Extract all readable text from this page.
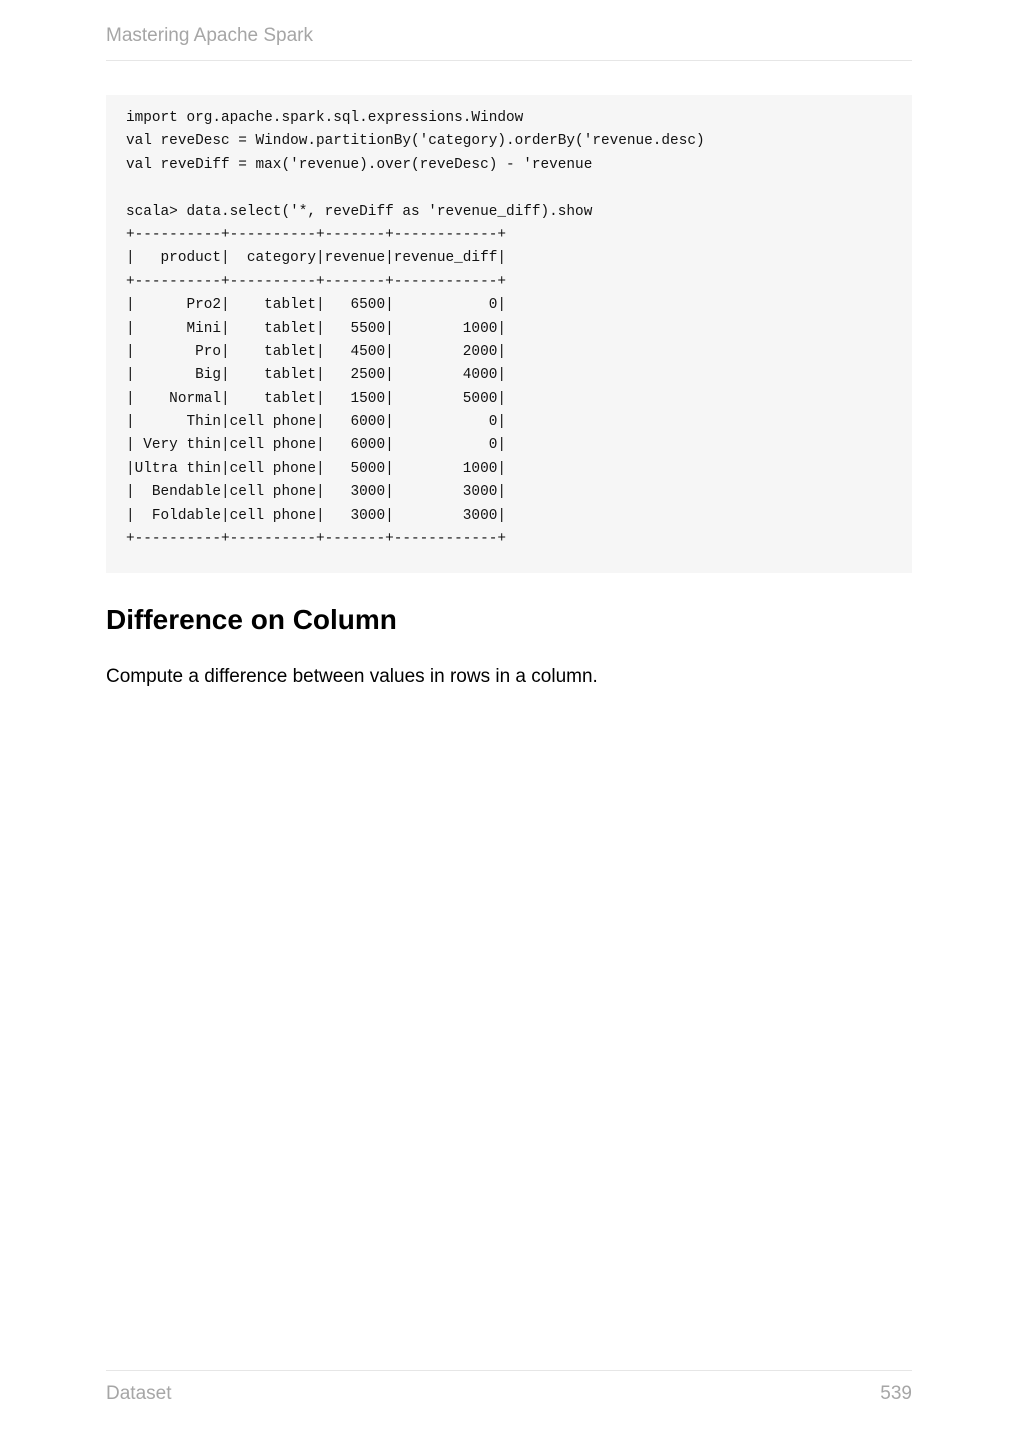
Mastering Apache Spark
import org.apache.spark.sql.expressions.Window
val reveDesc = Window.partitionBy('category).orderBy('revenue.desc)
val reveDiff = max('revenue).over(reveDesc) - 'revenue
scala> data.select('*, reveDiff as 'revenue_diff).show
+----------+----------+-------+------------+
|   product|  category|revenue|revenue_diff|
+----------+----------+-------+------------+
|      Pro2|    tablet|   6500|           0|
|      Mini|    tablet|   5500|        1000|
|       Pro|    tablet|   4500|        2000|
|       Big|    tablet|   2500|        4000|
|    Normal|    tablet|   1500|        5000|
|      Thin|cell phone|   6000|           0|
| Very thin|cell phone|   6000|           0|
|Ultra thin|cell phone|   5000|        1000|
|  Bendable|cell phone|   3000|        3000|
|  Foldable|cell phone|   3000|        3000|
+----------+----------+-------+------------+
Difference on Column

Compute a difference between values in rows in a column.

Dataset	539
